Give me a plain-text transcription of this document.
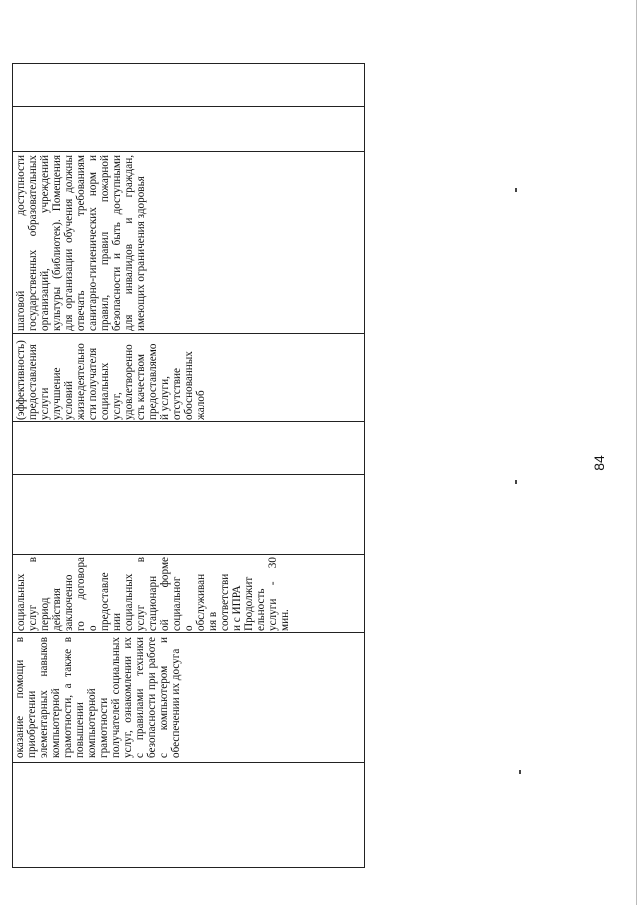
оказание помощи в приобретении элементарных навыков компьютерной грамотности, а также в повышении компьютерной грамотности получателей социальных услуг, ознакомлении их с правилами техники безопасности при работе с компьютером и обеспечении их досуга
социальных услуг в период действия заключенно го договора о предоставле нии социальных услуг в стационарн ой форме социальног о обслуживан ия в соответстви и с ИПРА Продолжит ельность услуги - 30 мин.
(эффективность) предоставления услуги улучшение условий жизнедеятельно сти получателя социальных услуг, удовлетворенно сть качеством предоставляемо й услуги, отсутствие обоснованных жалоб
шаговой доступности государственных образовательных организаций, учреждений культуры (библиотек). Помещения для организации обучения должны отвечать требованиям санитарно-гигиенических норм и правил, правил пожарной безопасности и быть доступными для инвалидов и граждан, имеющих ограничения здоровья
84
